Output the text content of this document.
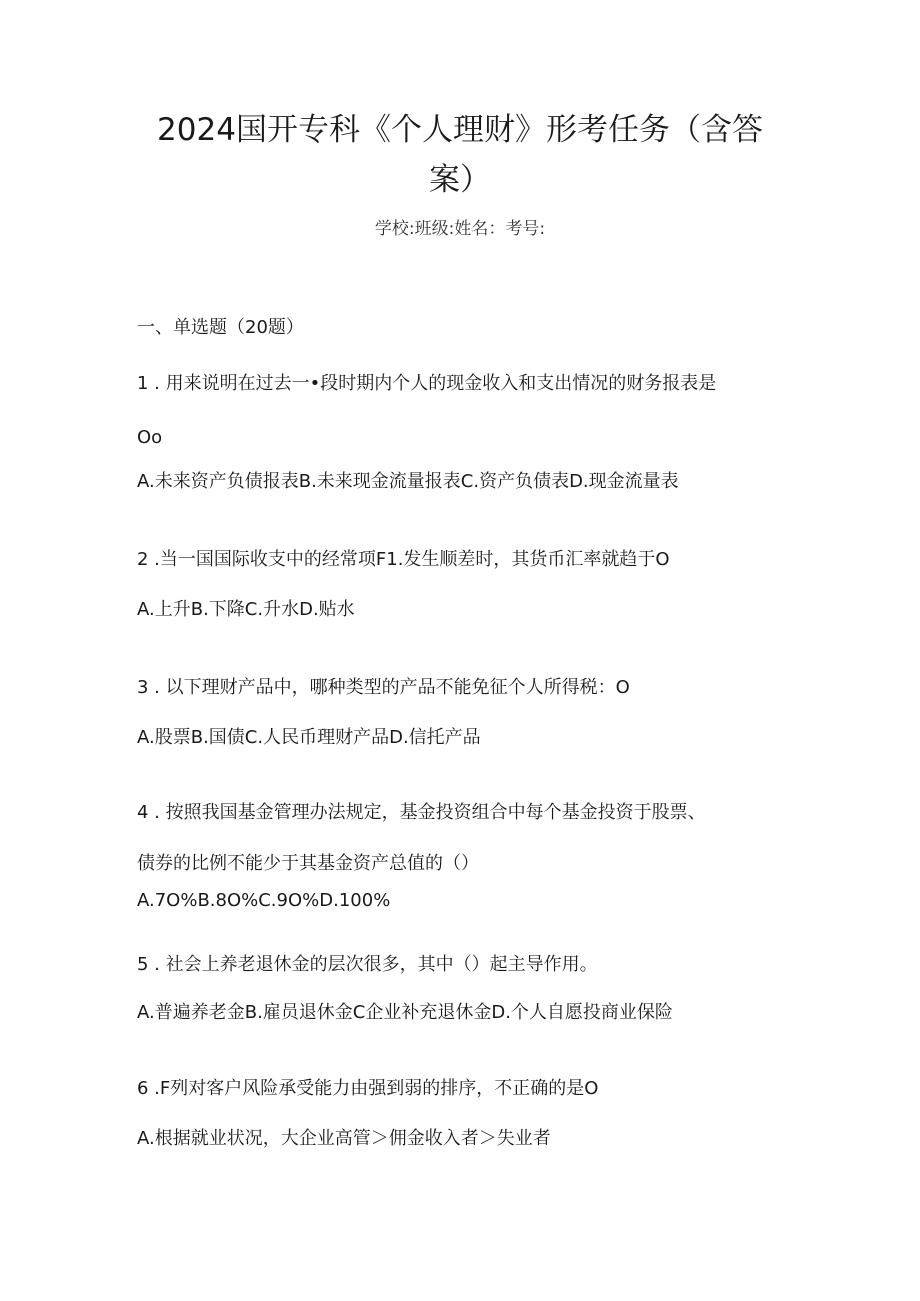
2024国开专科《个人理财》形考任务（含答
案）
学校:班级:姓名：考号:
一、单选题（20题）
1 . 用来说明在过去一•段时期内个人的现金收入和支出情况的财务报表是
Oo
A.未来资产负债报表B.未来现金流量报表C.资产负债表D.现金流量表
2 .当一国国际收支中的经常项F1.发生顺差时，其货币汇率就趋于O
A.上升B.下降C.升水D.贴水
3 . 以下理财产品中，哪种类型的产品不能免征个人所得税：O
A.股票B.国债C.人民币理财产品D.信托产品
4 . 按照我国基金管理办法规定，基金投资组合中每个基金投资于股票、
债券的比例不能少于其基金资产总值的（）
A.7O%B.8O%C.9O%D.100%
5 . 社会上养老退休金的层次很多，其中（）起主导作用。
A.普遍养老金B.雇员退休金C企业补充退休金D.个人自愿投商业保险
6 .F列对客户风险承受能力由强到弱的排序，不正确的是O
A.根据就业状况，大企业高管＞佣金收入者＞失业者
